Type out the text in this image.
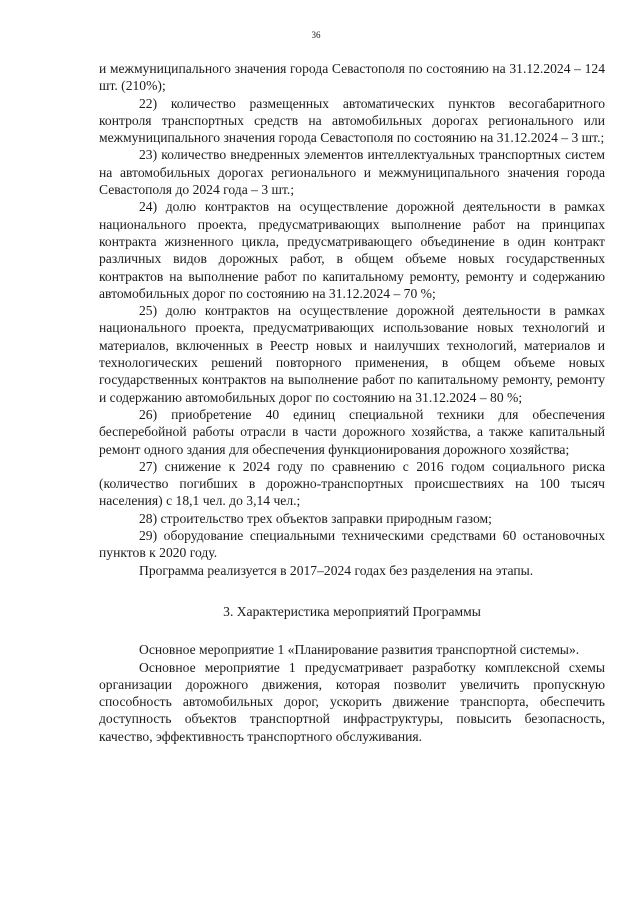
36

и межмуниципального значения города Севастополя по состоянию на 31.12.2024 – 124 шт. (210%);

22) количество размещенных автоматических пунктов весогабаритного контроля транспортных средств на автомобильных дорогах регионального или межмуниципального значения города Севастополя по состоянию на 31.12.2024 – 3 шт.;

23) количество внедренных элементов интеллектуальных транспортных систем на автомобильных дорогах регионального и межмуниципального значения города Севастополя до 2024 года – 3 шт.;

24) долю контрактов на осуществление дорожной деятельности в рамках национального проекта, предусматривающих выполнение работ на принципах контракта жизненного цикла, предусматривающего объединение в один контракт различных видов дорожных работ, в общем объеме новых государственных контрактов на выполнение работ по капитальному ремонту, ремонту и содержанию автомобильных дорог по состоянию на 31.12.2024 – 70 %;

25) долю контрактов на осуществление дорожной деятельности в рамках национального проекта, предусматривающих использование новых технологий и материалов, включенных в Реестр новых и наилучших технологий, материалов и технологических решений повторного применения, в общем объеме новых государственных контрактов на выполнение работ по капитальному ремонту, ремонту и содержанию автомобильных дорог по состоянию на 31.12.2024 – 80 %;

26) приобретение 40 единиц специальной техники для обеспечения бесперебойной работы отрасли в части дорожного хозяйства, а также капитальный ремонт одного здания для обеспечения функционирования дорожного хозяйства;

27) снижение к 2024 году по сравнению с 2016 годом социального риска (количество погибших в дорожно-транспортных происшествиях на 100 тысяч населения) с 18,1 чел. до 3,14 чел.;

28) строительство трех объектов заправки природным газом;

29) оборудование специальными техническими средствами 60 остановочных пунктов к 2020 году.

Программа реализуется в 2017–2024 годах без разделения на этапы.

3. Характеристика мероприятий Программы

Основное мероприятие 1 «Планирование развития транспортной системы».

Основное мероприятие 1 предусматривает разработку комплексной схемы организации дорожного движения, которая позволит увеличить пропускную способность автомобильных дорог, ускорить движение транспорта, обеспечить доступность объектов транспортной инфраструктуры, повысить безопасность, качество, эффективность транспортного обслуживания.
